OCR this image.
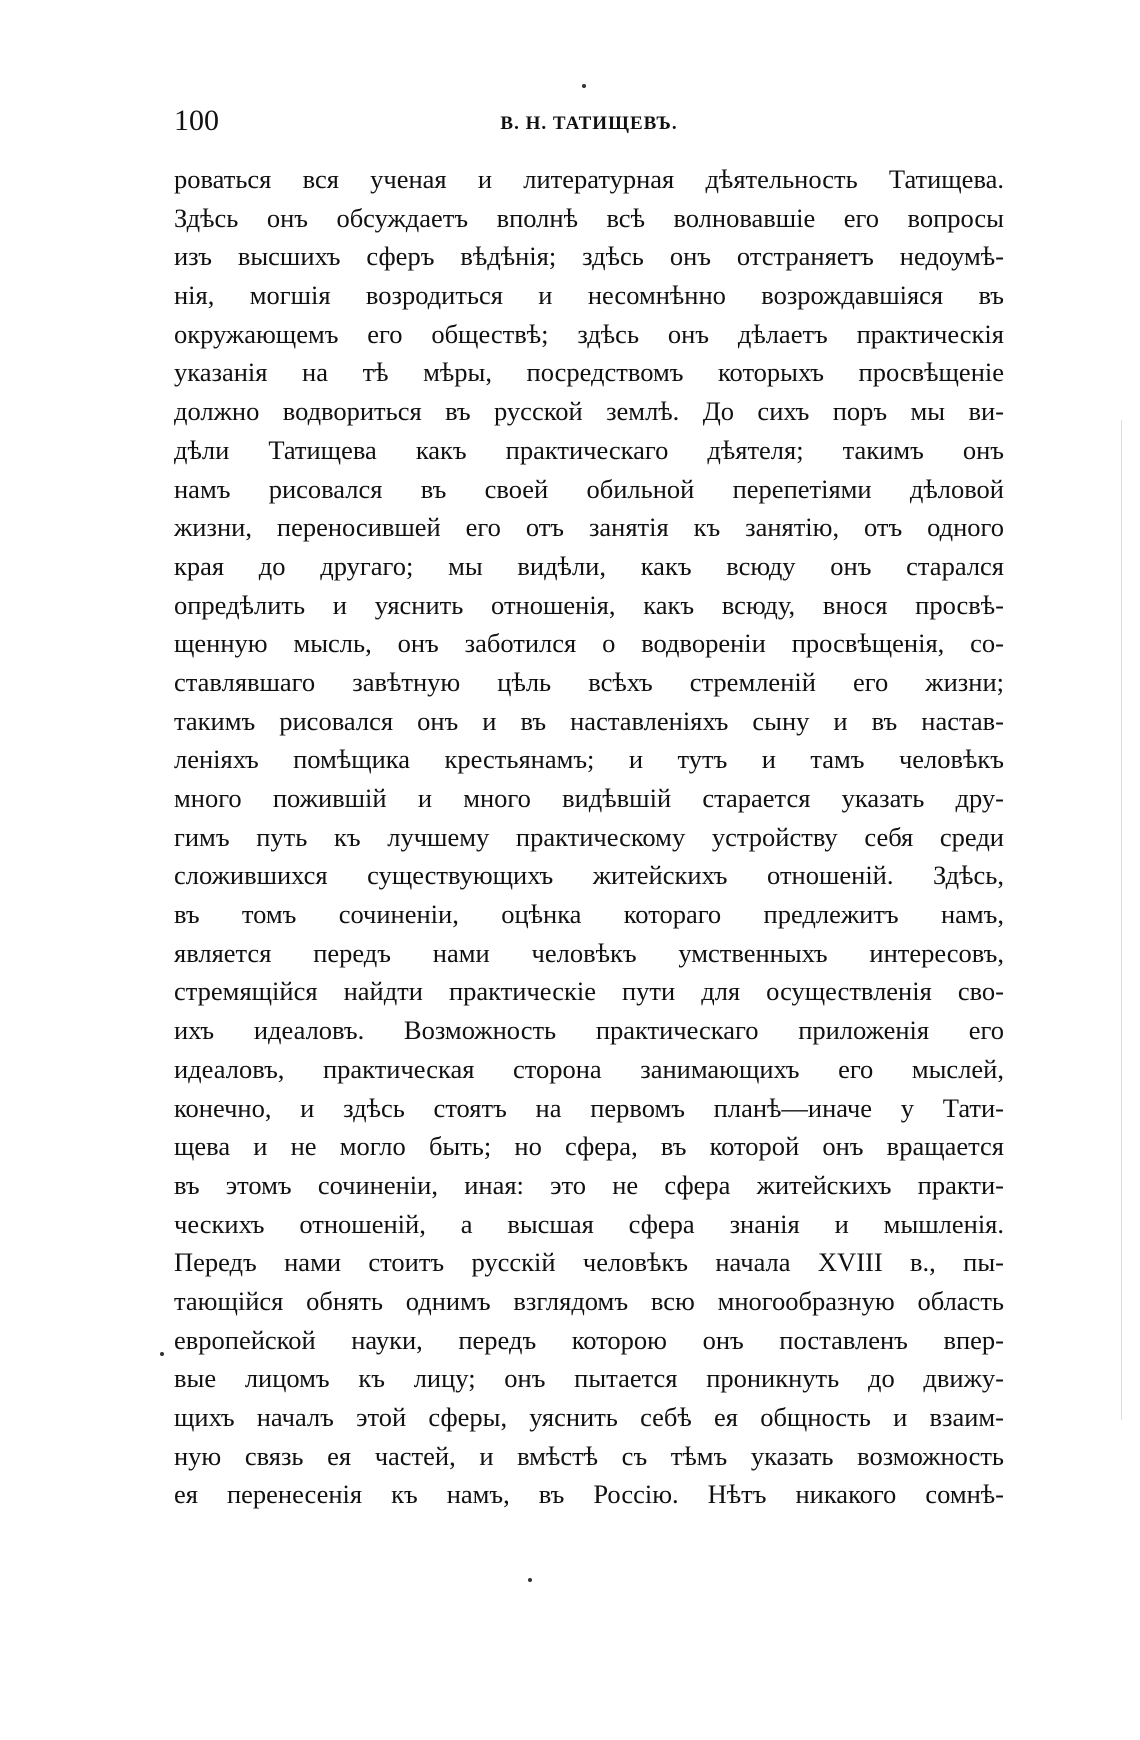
100	В. Н. ТАТИЩЕВЪ.
роваться вся ученая и литературная дѣятельность Татищева.
Здѣсь онъ обсуждаетъ вполнѣ всѣ волновавшіе его вопросы
изъ высшихъ сферъ вѣдѣнія; здѣсь онъ отстраняетъ недоумѣ-
нія, могшія возродиться и несомнѣнно возрождавшіяся въ
окружающемъ его обществѣ; здѣсь онъ дѣлаетъ практическія
указанія на тѣ мѣры, посредствомъ которыхъ просвѣщеніе
должно водвориться въ русской землѣ. До сихъ поръ мы ви-
дѣли Татищева какъ практическаго дѣятеля; такимъ онъ
намъ рисовался въ своей обильной перепетіями дѣловой
жизни, переносившей его отъ занятія къ занятію, отъ одного
края до другаго; мы видѣли, какъ всюду онъ старался
опредѣлить и уяснить отношенія, какъ всюду, внося просвѣ-
щенную мысль, онъ заботился о водвореніи просвѣщенія, со-
ставлявшаго завѣтную цѣль всѣхъ стремленій его жизни;
такимъ рисовался онъ и въ наставленіяхъ сыну и въ настав-
леніяхъ помѣщика крестьянамъ; и тутъ и тамъ человѣкъ
много пожившій и много видѣвшій старается указать дру-
гимъ путь къ лучшему практическому устройству себя среди
сложившихся существующихъ житейскихъ отношеній. Здѣсь,
въ томъ сочиненіи, оцѣнка котораго предлежитъ намъ,
является передъ нами человѣкъ умственныхъ интересовъ,
стремящійся найдти практическіе пути для осуществленія сво-
ихъ идеаловъ. Возможность практическаго приложенія его
идеаловъ, практическая сторона занимающихъ его мыслей,
конечно, и здѣсь стоятъ на первомъ планѣ—иначе у Тати-
щева и не могло быть; но сфера, въ которой онъ вращается
въ этомъ сочиненіи, иная: это не сфера житейскихъ практи-
ческихъ отношеній, а высшая сфера знанія и мышленія.
Передъ нами стоитъ русскій человѣкъ начала XVIII в., пы-
тающійся обнять однимъ взглядомъ всю многообразную область
европейской науки, передъ которою онъ поставленъ впер-
вые лицомъ къ лицу; онъ пытается проникнуть до движу-
щихъ началъ этой сферы, уяснить себѣ ея общность и взаим-
ную связь ея частей, и вмѣстѣ съ тѣмъ указать возможность
ея перенесенія къ намъ, въ Россію. Нѣтъ никакого сомнѣ-
